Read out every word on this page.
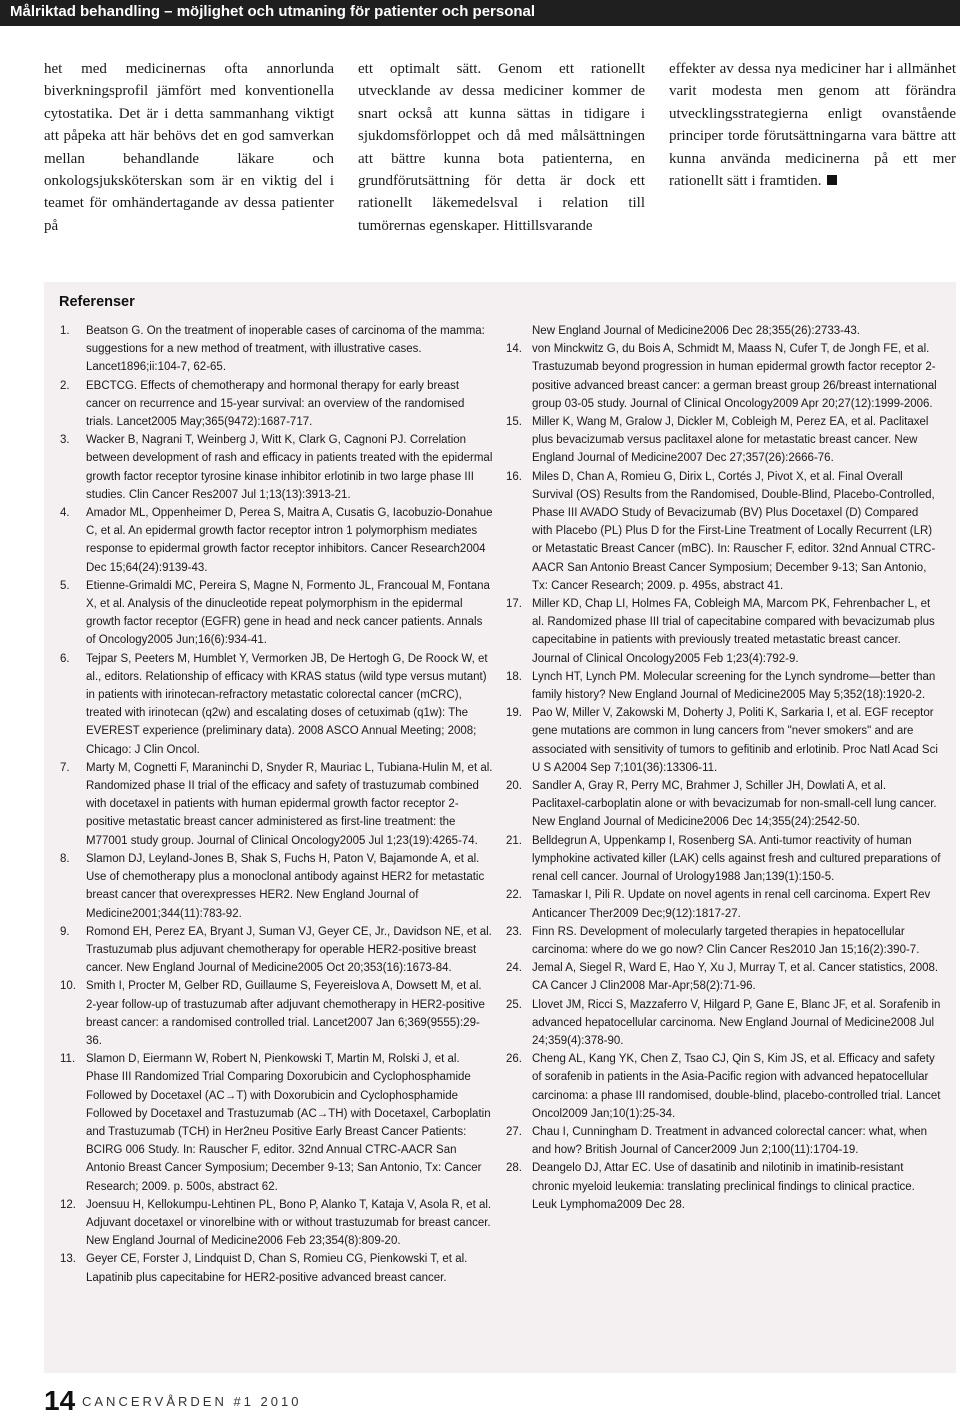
Målriktad behandling – möjlighet och utmaning för patienter och personal
het med medicinernas ofta annorlunda biverkningsprofil jämfört med konventionella cytostatika. Det är i detta sammanhang viktigt att påpeka att här behövs det en god samverkan mellan behandlande läkare och onkologsjuksköterskan som är en viktig del i teamet för omhändertagande av dessa patienter på
ett optimalt sätt. Genom ett rationellt utvecklande av dessa mediciner kommer de snart också att kunna sättas in tidigare i sjukdomsförloppet och då med målsättningen att bättre kunna bota patienterna, en grundförutsättning för detta är dock ett rationellt läkemedelsval i relation till tumörernas egenskaper. Hittillsvarande
effekter av dessa nya mediciner har i allmänhet varit modesta men genom att förändra utvecklingsstrategierna enligt ovanstående principer torde förutsättningarna vara bättre att kunna använda medicinerna på ett mer rationellt sätt i framtiden.
Referenser
1. Beatson G. On the treatment of inoperable cases of carcinoma of the mamma: suggestions for a new method of treatment, with illustrative cases. Lancet1896;ii:104-7, 62-65.
2. EBCTCG. Effects of chemotherapy and hormonal therapy for early breast cancer on recurrence and 15-year survival: an overview of the randomised trials. Lancet2005 May;365(9472):1687-717.
3. Wacker B, Nagrani T, Weinberg J, Witt K, Clark G, Cagnoni PJ. Correlation between development of rash and efficacy in patients treated with the epidermal growth factor receptor tyrosine kinase inhibitor erlotinib in two large phase III studies. Clin Cancer Res2007 Jul 1;13(13):3913-21.
4. Amador ML, Oppenheimer D, Perea S, Maitra A, Cusatis G, Iacobuzio-Donahue C, et al. An epidermal growth factor receptor intron 1 polymorphism mediates response to epidermal growth factor receptor inhibitors. Cancer Research2004 Dec 15;64(24):9139-43.
5. Etienne-Grimaldi MC, Pereira S, Magne N, Formento JL, Francoual M, Fontana X, et al. Analysis of the dinucleotide repeat polymorphism in the epidermal growth factor receptor (EGFR) gene in head and neck cancer patients. Annals of Oncology2005 Jun;16(6):934-41.
6. Tejpar S, Peeters M, Humblet Y, Vermorken JB, De Hertogh G, De Roock W, et al., editors. Relationship of efficacy with KRAS status (wild type versus mutant) in patients with irinotecan-refractory metastatic colorectal cancer (mCRC), treated with irinotecan (q2w) and escalating doses of cetuximab (q1w): The EVEREST experience (preliminary data). 2008 ASCO Annual Meeting; 2008; Chicago: J Clin Oncol.
7. Marty M, Cognetti F, Maraninchi D, Snyder R, Mauriac L, Tubiana-Hulin M, et al. Randomized phase II trial of the efficacy and safety of trastuzumab combined with docetaxel in patients with human epidermal growth factor receptor 2-positive metastatic breast cancer administered as first-line treatment: the M77001 study group. Journal of Clinical Oncology2005 Jul 1;23(19):4265-74.
8. Slamon DJ, Leyland-Jones B, Shak S, Fuchs H, Paton V, Bajamonde A, et al. Use of chemotherapy plus a monoclonal antibody against HER2 for metastatic breast cancer that overexpresses HER2. New England Journal of Medicine2001;344(11):783-92.
9. Romond EH, Perez EA, Bryant J, Suman VJ, Geyer CE, Jr., Davidson NE, et al. Trastuzumab plus adjuvant chemotherapy for operable HER2-positive breast cancer. New England Journal of Medicine2005 Oct 20;353(16):1673-84.
10. Smith I, Procter M, Gelber RD, Guillaume S, Feyereislova A, Dowsett M, et al. 2-year follow-up of trastuzumab after adjuvant chemotherapy in HER2-positive breast cancer: a randomised controlled trial. Lancet2007 Jan 6;369(9555):29-36.
11. Slamon D, Eiermann W, Robert N, Pienkowski T, Martin M, Rolski J, et al. Phase III Randomized Trial Comparing Doxorubicin and Cyclophosphamide Followed by Docetaxel (AC→T) with Doxorubicin and Cyclophosphamide Followed by Docetaxel and Trastuzumab (AC→TH) with Docetaxel, Carboplatin and Trastuzumab (TCH) in Her2neu Positive Early Breast Cancer Patients: BCIRG 006 Study. In: Rauscher F, editor. 32nd Annual CTRC-AACR San Antonio Breast Cancer Symposium; December 9-13; San Antonio, Tx: Cancer Research; 2009. p. 500s, abstract 62.
12. Joensuu H, Kellokumpu-Lehtinen PL, Bono P, Alanko T, Kataja V, Asola R, et al. Adjuvant docetaxel or vinorelbine with or without trastuzumab for breast cancer. New England Journal of Medicine2006 Feb 23;354(8):809-20.
13. Geyer CE, Forster J, Lindquist D, Chan S, Romieu CG, Pienkowski T, et al. Lapatinib plus capecitabine for HER2-positive advanced breast cancer.
New England Journal of Medicine2006 Dec 28;355(26):2733-43.
14. von Minckwitz G, du Bois A, Schmidt M, Maass N, Cufer T, de Jongh FE, et al. Trastuzumab beyond progression in human epidermal growth factor receptor 2-positive advanced breast cancer: a german breast group 26/breast international group 03-05 study. Journal of Clinical Oncology2009 Apr 20;27(12):1999-2006.
15. Miller K, Wang M, Gralow J, Dickler M, Cobleigh M, Perez EA, et al. Paclitaxel plus bevacizumab versus paclitaxel alone for metastatic breast cancer. New England Journal of Medicine2007 Dec 27;357(26):2666-76.
16. Miles D, Chan A, Romieu G, Dirix L, Cortés J, Pivot X, et al. Final Overall Survival (OS) Results from the Randomised, Double-Blind, Placebo-Controlled, Phase III AVADO Study of Bevacizumab (BV) Plus Docetaxel (D) Compared with Placebo (PL) Plus D for the First-Line Treatment of Locally Recurrent (LR) or Metastatic Breast Cancer (mBC). In: Rauscher F, editor. 32nd Annual CTRC-AACR San Antonio Breast Cancer Symposium; December 9-13; San Antonio, Tx: Cancer Research; 2009. p. 495s, abstract 41.
17. Miller KD, Chap LI, Holmes FA, Cobleigh MA, Marcom PK, Fehrenbacher L, et al. Randomized phase III trial of capecitabine compared with bevacizumab plus capecitabine in patients with previously treated metastatic breast cancer. Journal of Clinical Oncology2005 Feb 1;23(4):792-9.
18. Lynch HT, Lynch PM. Molecular screening for the Lynch syndrome—better than family history? New England Journal of Medicine2005 May 5;352(18):1920-2.
19. Pao W, Miller V, Zakowski M, Doherty J, Politi K, Sarkaria I, et al. EGF receptor gene mutations are common in lung cancers from "never smokers" and are associated with sensitivity of tumors to gefitinib and erlotinib. Proc Natl Acad Sci U S A2004 Sep 7;101(36):13306-11.
20. Sandler A, Gray R, Perry MC, Brahmer J, Schiller JH, Dowlati A, et al. Paclitaxel-carboplatin alone or with bevacizumab for non-small-cell lung cancer. New England Journal of Medicine2006 Dec 14;355(24):2542-50.
21. Belldegrun A, Uppenkamp I, Rosenberg SA. Anti-tumor reactivity of human lymphokine activated killer (LAK) cells against fresh and cultured preparations of renal cell cancer. Journal of Urology1988 Jan;139(1):150-5.
22. Tamaskar I, Pili R. Update on novel agents in renal cell carcinoma. Expert Rev Anticancer Ther2009 Dec;9(12):1817-27.
23. Finn RS. Development of molecularly targeted therapies in hepatocellular carcinoma: where do we go now? Clin Cancer Res2010 Jan 15;16(2):390-7.
24. Jemal A, Siegel R, Ward E, Hao Y, Xu J, Murray T, et al. Cancer statistics, 2008. CA Cancer J Clin2008 Mar-Apr;58(2):71-96.
25. Llovet JM, Ricci S, Mazzaferro V, Hilgard P, Gane E, Blanc JF, et al. Sorafenib in advanced hepatocellular carcinoma. New England Journal of Medicine2008 Jul 24;359(4):378-90.
26. Cheng AL, Kang YK, Chen Z, Tsao CJ, Qin S, Kim JS, et al. Efficacy and safety of sorafenib in patients in the Asia-Pacific region with advanced hepatocellular carcinoma: a phase III randomised, double-blind, placebo-controlled trial. Lancet Oncol2009 Jan;10(1):25-34.
27. Chau I, Cunningham D. Treatment in advanced colorectal cancer: what, when and how? British Journal of Cancer2009 Jun 2;100(11):1704-19.
28. Deangelo DJ, Attar EC. Use of dasatinib and nilotinib in imatinib-resistant chronic myeloid leukemia: translating preclinical findings to clinical practice. Leuk Lymphoma2009 Dec 28.
14 CANCERVÅRDEN #1 2010
